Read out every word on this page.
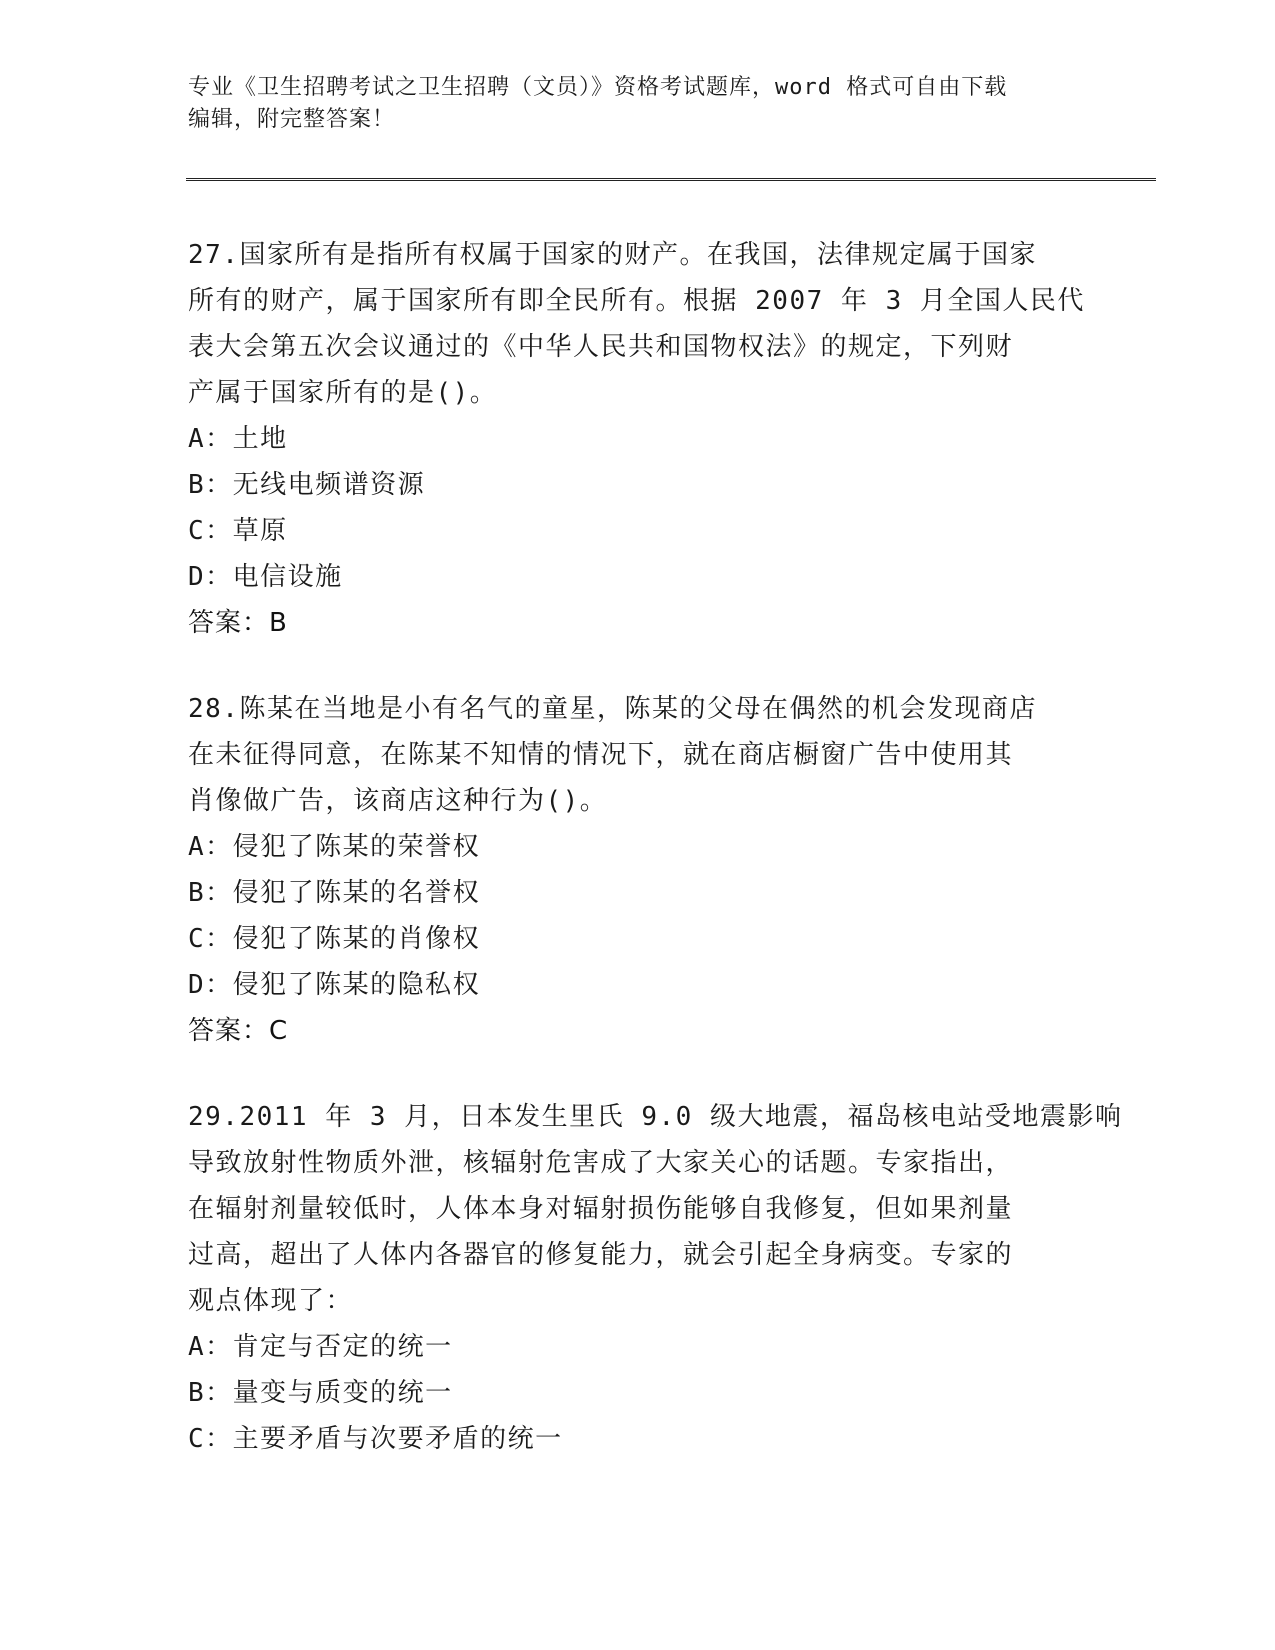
专业《卫生招聘考试之卫生招聘（文员）》资格考试题库，word 格式可自由下载
编辑，附完整答案！
27.国家所有是指所有权属于国家的财产。在我国，法律规定属于国家
所有的财产，属于国家所有即全民所有。根据 2007 年 3 月全国人民代
表大会第五次会议通过的《中华人民共和国物权法》的规定，下列财
产属于国家所有的是()。
A：土地
B：无线电频谱资源
C：草原
D：电信设施
答案：B
28.陈某在当地是小有名气的童星，陈某的父母在偶然的机会发现商店
在未征得同意，在陈某不知情的情况下，就在商店橱窗广告中使用其
肖像做广告，该商店这种行为()。
A：侵犯了陈某的荣誉权
B：侵犯了陈某的名誉权
C：侵犯了陈某的肖像权
D：侵犯了陈某的隐私权
答案：C
29.2011 年 3 月，日本发生里氏 9.0 级大地震，福岛核电站受地震影响
导致放射性物质外泄，核辐射危害成了大家关心的话题。专家指出，
在辐射剂量较低时，人体本身对辐射损伤能够自我修复，但如果剂量
过高，超出了人体内各器官的修复能力，就会引起全身病变。专家的
观点体现了：
A：肯定与否定的统一
B：量变与质变的统一
C：主要矛盾与次要矛盾的统一
